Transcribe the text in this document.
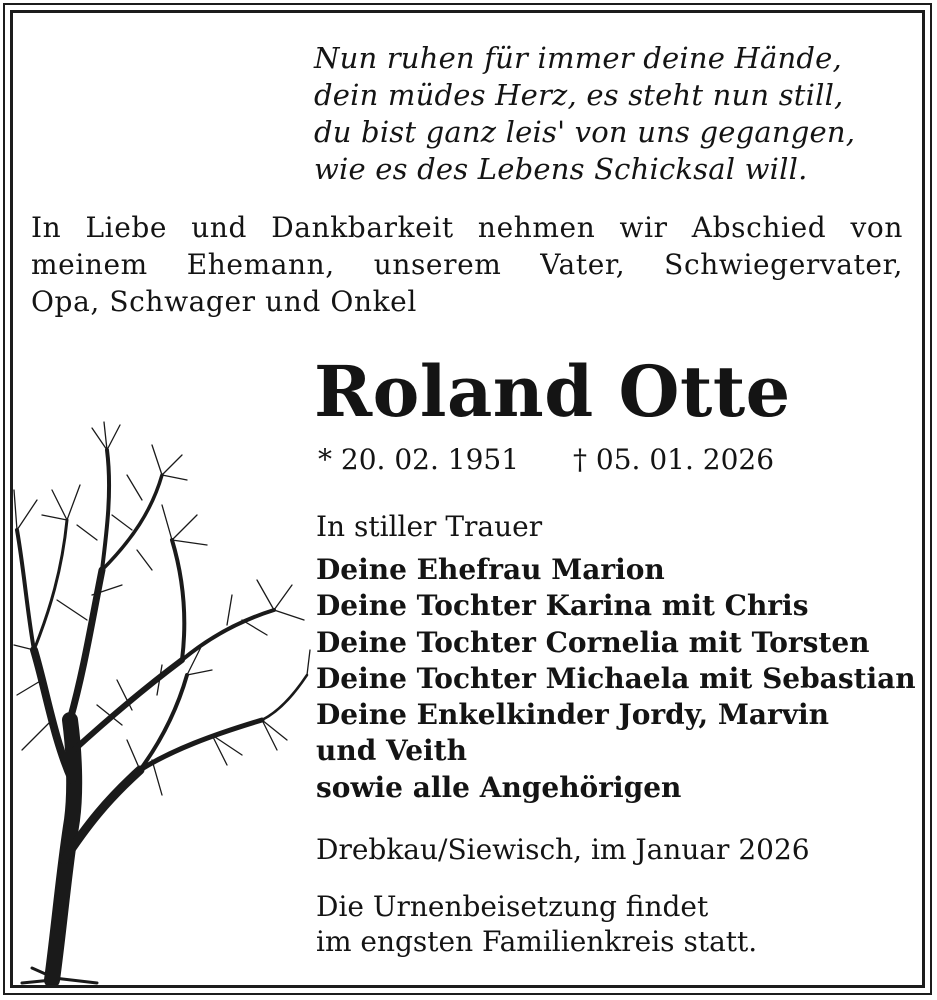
Nun ruhen für immer deine Hände,
dein müdes Herz, es steht nun still,
du bist ganz leis' von uns gegangen,
wie es des Lebens Schicksal will.
In Liebe und Dankbarkeit nehmen wir Abschied von
meinem Ehemann, unserem Vater, Schwiegervater,
Opa, Schwager und Onkel
Roland Otte
* 20. 02. 1951 † 05. 01. 2026
In stiller Trauer
Deine Ehefrau Marion
Deine Tochter Karina mit Chris
Deine Tochter Cornelia mit Torsten
Deine Tochter Michaela mit Sebastian
Deine Enkelkinder Jordy, Marvin
und Veith
sowie alle Angehörigen
Drebkau/Siewisch, im Januar 2026
Die Urnenbeisetzung findet
im engsten Familienkreis statt.
